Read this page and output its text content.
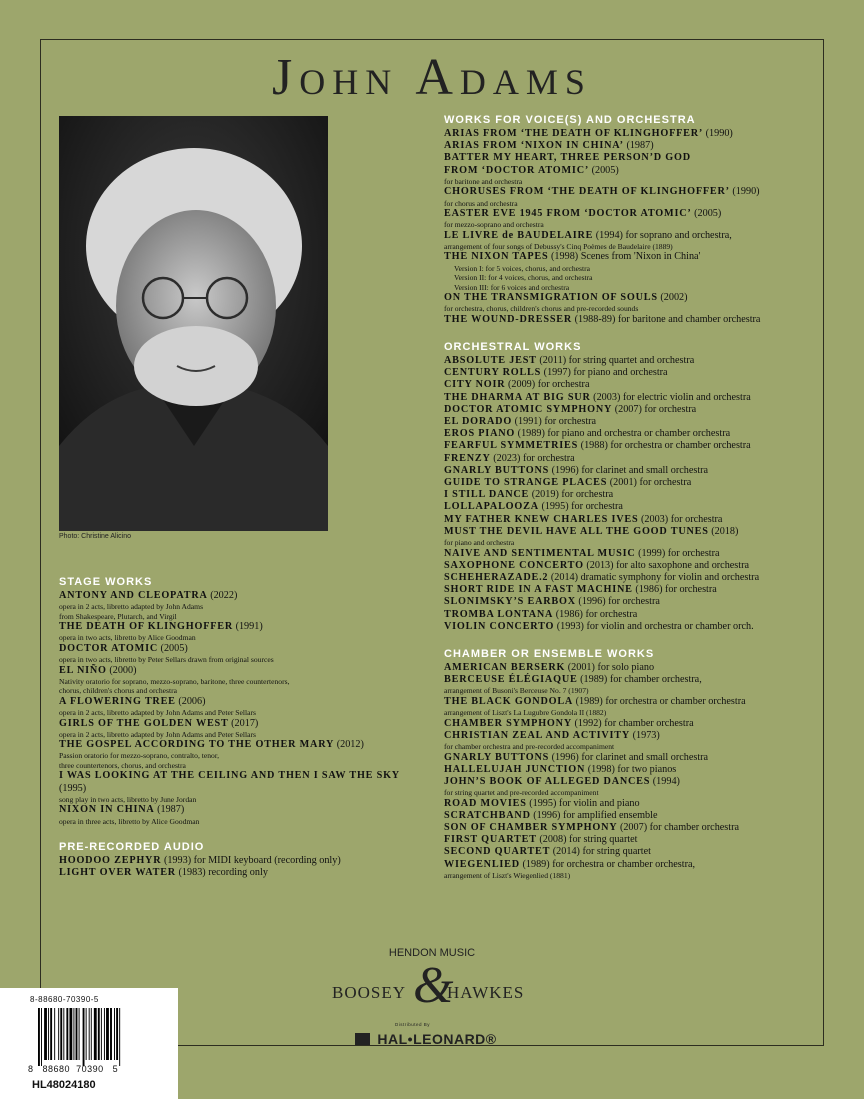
John Adams
Photo: Christine Alicino
STAGE WORKS

ANTONY AND CLEOPATRA (2022)

opera in 2 acts, libretto adapted by John Adams

from Shakespeare, Plutarch, and Virgil

THE DEATH OF KLINGHOFFER (1991)

opera in two acts, libretto by Alice Goodman

DOCTOR ATOMIC (2005)

opera in two acts, libretto by Peter Sellars drawn from original sources

EL NIÑO (2000)

Nativity oratorio for soprano, mezzo-soprano, baritone, three countertenors,

chorus, children's chorus and orchestra

A FLOWERING TREE (2006)

opera in 2 acts, libretto adapted by John Adams and Peter Sellars

GIRLS OF THE GOLDEN WEST (2017)

opera in 2 acts, libretto adapted by John Adams and Peter Sellars

THE GOSPEL ACCORDING TO THE OTHER MARY (2012)

Passion oratorio for mezzo-soprano, contralto, tenor,

three countertenors, chorus, and orchestra

I WAS LOOKING AT THE CEILING AND THEN I SAW THE SKY

(1995)

song play in two acts, libretto by June Jordan

NIXON IN CHINA (1987)

opera in three acts, libretto by Alice Goodman

PRE-RECORDED AUDIO

HOODOO ZEPHYR (1993) for MIDI keyboard (recording only)

LIGHT OVER WATER (1983) recording only

WORKS FOR VOICE(S) AND ORCHESTRA

ARIAS FROM ‘THE DEATH OF KLINGHOFFER’ (1990)

ARIAS FROM ‘NIXON IN CHINA’ (1987)

BATTER MY HEART, THREE PERSON’D GOD

FROM ‘DOCTOR ATOMIC’ (2005)

for baritone and orchestra

CHORUSES FROM ‘THE DEATH OF KLINGHOFFER’ (1990)

for chorus and orchestra

EASTER EVE 1945 FROM ‘DOCTOR ATOMIC’ (2005)

for mezzo-soprano and orchestra

LE LIVRE de BAUDELAIRE (1994) for soprano and orchestra,

arrangement of four songs of Debussy's Cinq Poèmes de Baudelaire (1889)

THE NIXON TAPES (1998) Scenes from 'Nixon in China'

Version I: for 5 voices, chorus, and orchestra

Version II: for 4 voices, chorus, and orchestra

Version III: for 6 voices and orchestra

ON THE TRANSMIGRATION OF SOULS (2002)

for orchestra, chorus, children's chorus and pre-recorded sounds

THE WOUND-DRESSER (1988-89) for baritone and chamber orchestra

ORCHESTRAL WORKS

ABSOLUTE JEST (2011) for string quartet and orchestra

CENTURY ROLLS (1997) for piano and orchestra

CITY NOIR (2009) for orchestra

THE DHARMA AT BIG SUR (2003) for electric violin and orchestra

DOCTOR ATOMIC SYMPHONY (2007) for orchestra

EL DORADO (1991) for orchestra

EROS PIANO (1989) for piano and orchestra or chamber orchestra

FEARFUL SYMMETRIES (1988) for orchestra or chamber orchestra

FRENZY (2023) for orchestra

GNARLY BUTTONS (1996) for clarinet and small orchestra

GUIDE TO STRANGE PLACES (2001) for orchestra

I STILL DANCE (2019) for orchestra

LOLLAPALOOZA (1995) for orchestra

MY FATHER KNEW CHARLES IVES (2003) for orchestra

MUST THE DEVIL HAVE ALL THE GOOD TUNES (2018)

for piano and orchestra

NAIVE AND SENTIMENTAL MUSIC (1999) for orchestra

SAXOPHONE CONCERTO (2013) for alto saxophone and orchestra

SCHEHERAZADE.2 (2014) dramatic symphony for violin and orchestra

SHORT RIDE IN A FAST MACHINE (1986) for orchestra

SLONIMSKY’S EARBOX (1996) for orchestra

TROMBA LONTANA (1986) for orchestra

VIOLIN CONCERTO (1993) for violin and orchestra or chamber orch.

CHAMBER OR ENSEMBLE WORKS

AMERICAN BERSERK (2001) for solo piano

BERCEUSE ÉLÉGIAQUE (1989) for chamber orchestra,

arrangement of Busoni's Berceuse No. 7 (1907)

THE BLACK GONDOLA (1989) for orchestra or chamber orchestra

arrangement of Liszt's La Lugubre Gondola II (1882)

CHAMBER SYMPHONY (1992) for chamber orchestra

CHRISTIAN ZEAL AND ACTIVITY (1973)

for chamber orchestra and pre-recorded accompaniment

GNARLY BUTTONS (1996) for clarinet and small orchestra

HALLELUJAH JUNCTION (1998) for two pianos

JOHN’S BOOK OF ALLEGED DANCES (1994)

for string quartet and pre-recorded accompaniment

ROAD MOVIES (1995) for violin and piano

SCRATCHBAND (1996) for amplified ensemble

SON OF CHAMBER SYMPHONY (2007) for chamber orchestra

FIRST QUARTET (2008) for string quartet

SECOND QUARTET (2014) for string quartet

WIEGENLIED (1989) for orchestra or chamber orchestra,

arrangement of Liszt's Wiegenlied (1881)

HENDON MUSIC
BOOSEY &
HAWKES
Distributed By
HAL•LEONARD®
8-88680-70390-5
8 88680 70390 5
HL48024180
